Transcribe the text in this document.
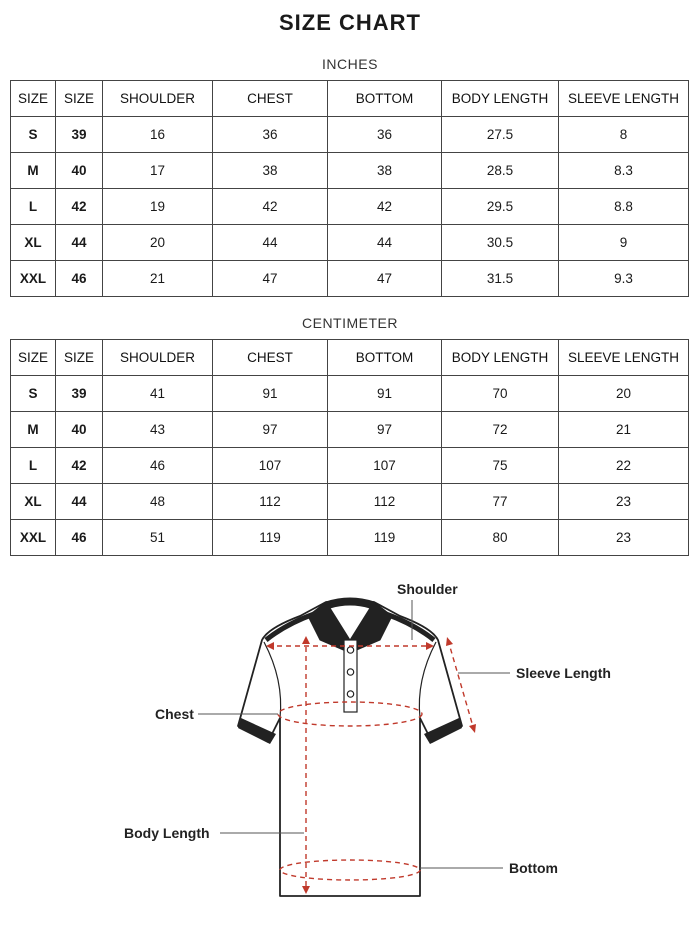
SIZE CHART

INCHES

SIZE	SIZE	SHOULDER	CHEST	BOTTOM	BODY LENGTH	SLEEVE LENGTH
S	39	16	36	36	27.5	8
M	40	17	38	38	28.5	8.3
L	42	19	42	42	29.5	8.8
XL	44	20	44	44	30.5	9
XXL	46	21	47	47	31.5	9.3

CENTIMETER

SIZE	SIZE	SHOULDER	CHEST	BOTTOM	BODY LENGTH	SLEEVE LENGTH
S	39	41	91	91	70	20
M	40	43	97	97	72	21
L	42	46	107	107	75	22
XL	44	48	112	112	77	23
XXL	46	51	119	119	80	23
Shoulder
Sleeve Length
Chest
Body Length
Bottom
